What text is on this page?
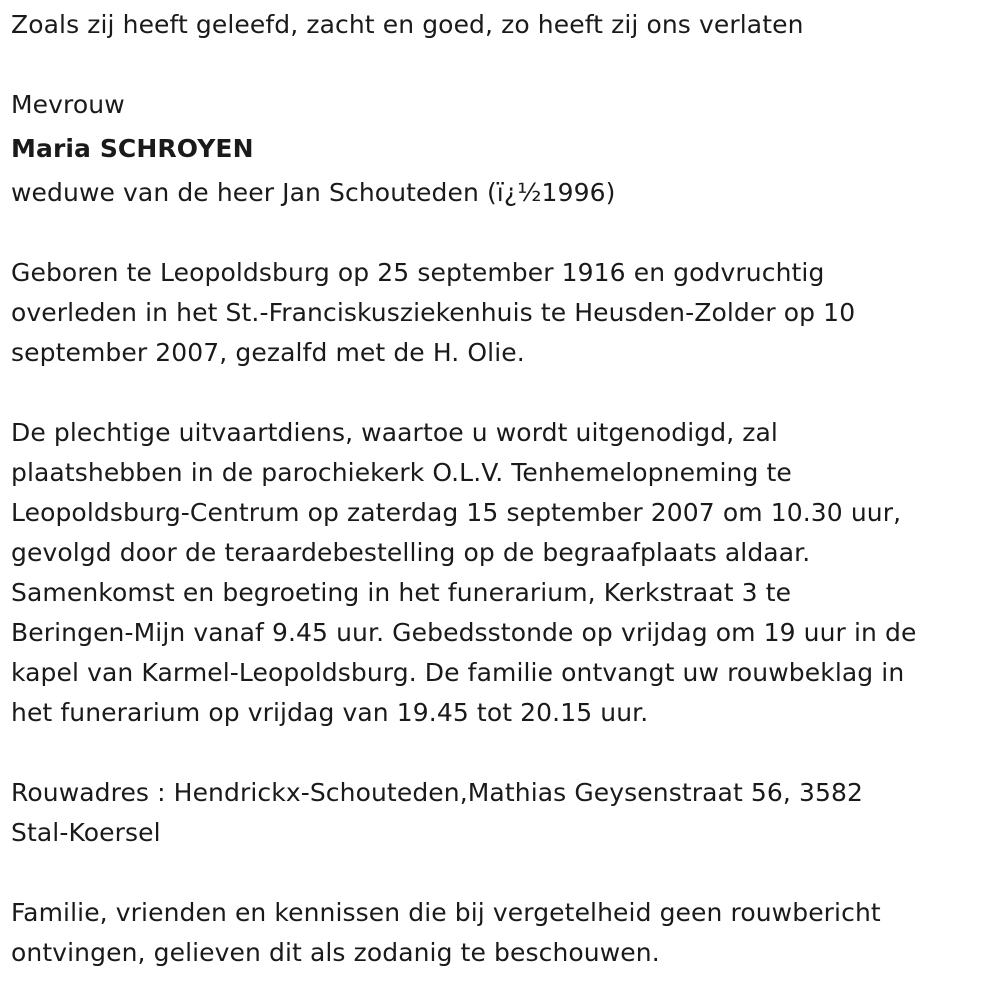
Zoals zij heeft geleefd, zacht en goed, zo heeft zij ons verlaten
Mevrouw
Maria SCHROYEN
weduwe van de heer Jan Schouteden (ï¿½1996)
Geboren te Leopoldsburg op 25 september 1916 en godvruchtig
overleden in het St.-Franciskusziekenhuis te Heusden-Zolder op 10
september 2007, gezalfd met de H. Olie.
De plechtige uitvaartdiens, waartoe u wordt uitgenodigd, zal
plaatshebben in de parochiekerk O.L.V. Tenhemelopneming te
Leopoldsburg-Centrum op zaterdag 15 september 2007 om 10.30 uur,
gevolgd door de teraardebestelling op de begraafplaats aldaar.
Samenkomst en begroeting in het funerarium, Kerkstraat 3 te
Beringen-Mijn vanaf 9.45 uur. Gebedsstonde op vrijdag om 19 uur in de
kapel van Karmel-Leopoldsburg. De familie ontvangt uw rouwbeklag in
het funerarium op vrijdag van 19.45 tot 20.15 uur.
Rouwadres : Hendrickx-Schouteden,Mathias Geysenstraat 56, 3582
Stal-Koersel
Familie, vrienden en kennissen die bij vergetelheid geen rouwbericht
ontvingen, gelieven dit als zodanig te beschouwen.
